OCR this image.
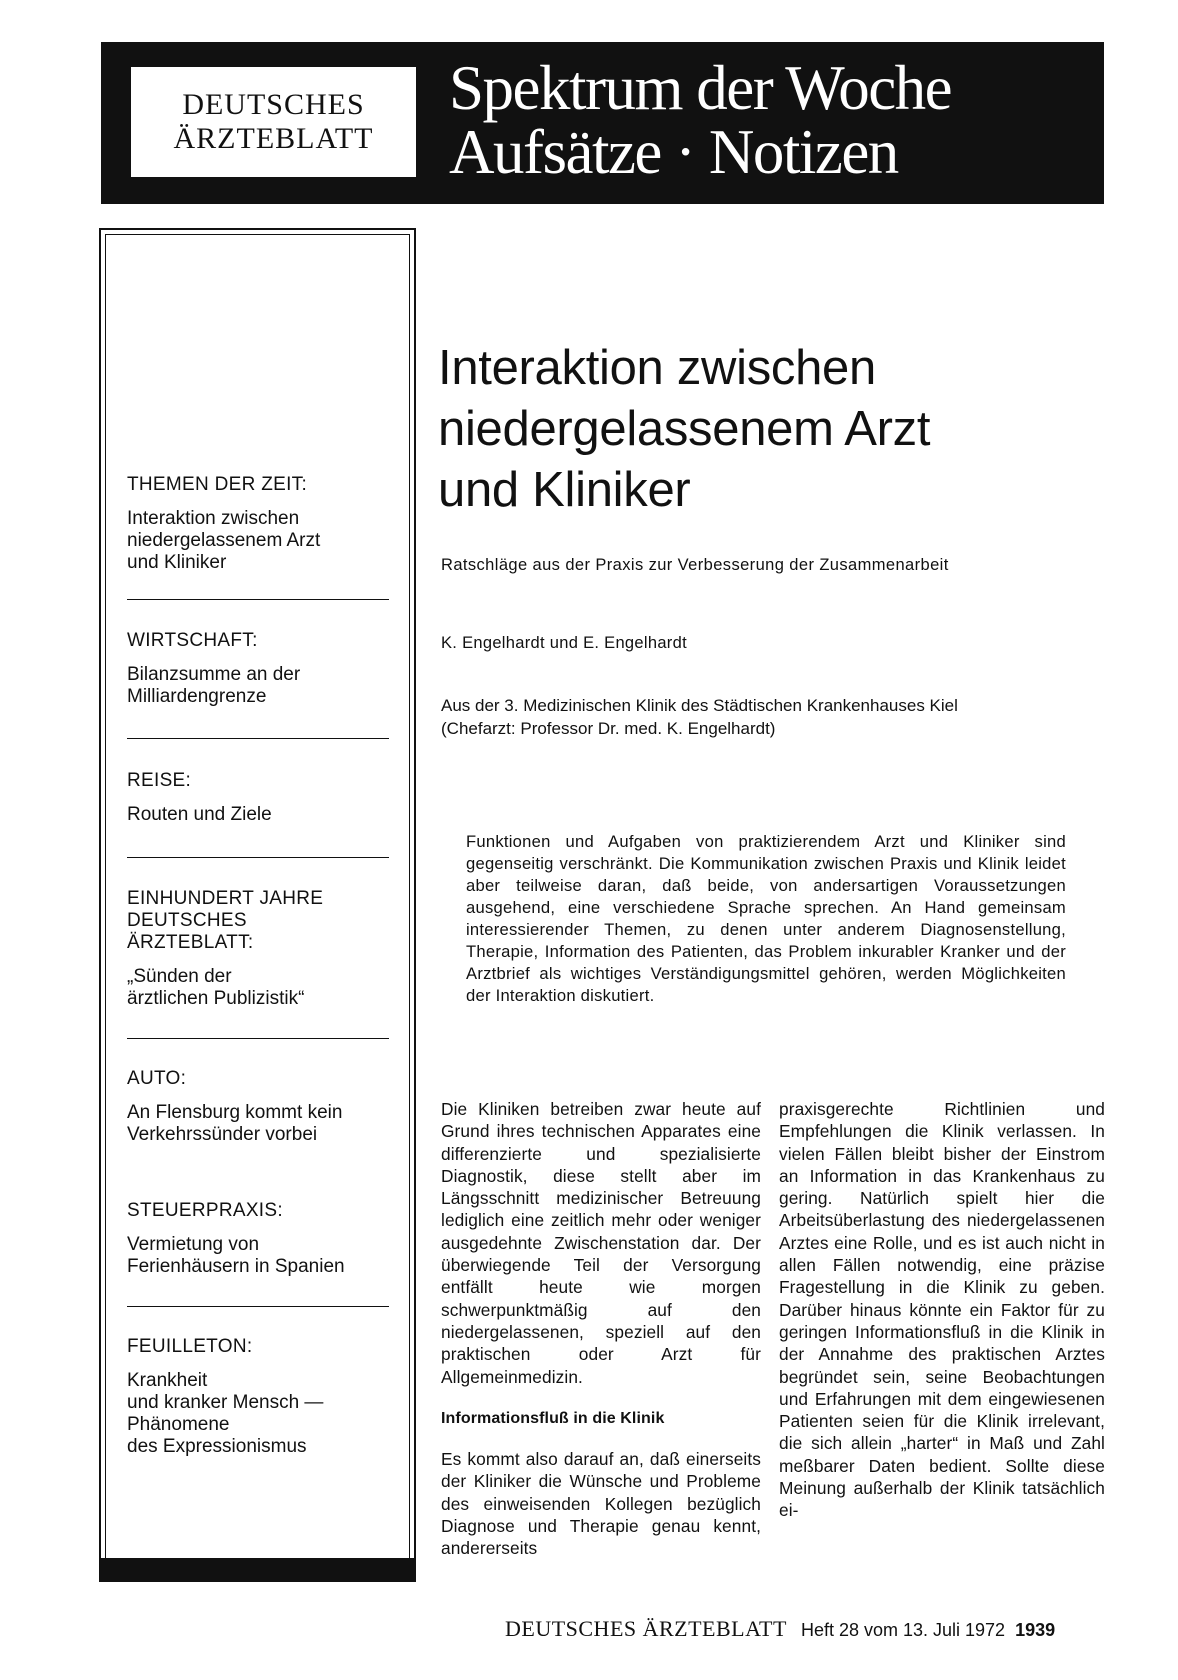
DEUTSCHES
ÄRZTEBLATT
Spektrum der Woche
Aufsätze · Notizen
THEMEN DER ZEIT:
Interaktion zwischen
niedergelassenem Arzt
und Kliniker
WIRTSCHAFT:
Bilanzsumme an der
Milliardengrenze
REISE:
Routen und Ziele
EINHUNDERT JAHRE
DEUTSCHES
ÄRZTEBLATT:
„Sünden der
ärztlichen Publizistik“
AUTO:
An Flensburg kommt kein
Verkehrssünder vorbei
STEUERPRAXIS:
Vermietung von
Ferienhäusern in Spanien
FEUILLETON:
Krankheit
und kranker Mensch —
Phänomene
des Expressionismus
Interaktion zwischen
niedergelassenem Arzt
und Kliniker
Ratschläge aus der Praxis zur Verbesserung der Zusammenarbeit
K. Engelhardt und E. Engelhardt
Aus der 3. Medizinischen Klinik des Städtischen Krankenhauses Kiel
(Chefarzt: Professor Dr. med. K. Engelhardt)
Funktionen und Aufgaben von praktizierendem Arzt und Kliniker sind gegenseitig verschränkt. Die Kommunikation zwischen Praxis und Klinik leidet aber teilweise daran, daß beide, von andersartigen Voraussetzungen ausgehend, eine verschiedene Sprache sprechen. An Hand gemeinsam interessierender Themen, zu denen unter anderem Diagnosenstellung, Therapie, Information des Patienten, das Problem inkurabler Kranker und der Arztbrief als wichtiges Verständigungsmittel gehören, werden Möglichkeiten der Interaktion diskutiert.

Die Kliniken betreiben zwar heute auf Grund ihres technischen Apparates eine differenzierte und spezialisierte Diagnostik, diese stellt aber im Längsschnitt medizinischer Betreuung lediglich eine zeitlich mehr oder weniger ausgedehnte Zwischenstation dar. Der überwiegende Teil der Versorgung entfällt heute wie morgen schwerpunktmäßig auf den niedergelassenen, speziell auf den praktischen oder Arzt für Allgemeinmedizin.

Informationsfluß in die Klinik

Es kommt also darauf an, daß einerseits der Kliniker die Wünsche und Probleme des einweisenden Kollegen bezüglich Diagnose und Therapie genau kennt, andererseits

praxisgerechte Richtlinien und Empfehlungen die Klinik verlassen. In vielen Fällen bleibt bisher der Einstrom an Information in das Krankenhaus zu gering. Natürlich spielt hier die Arbeitsüberlastung des niedergelassenen Arztes eine Rolle, und es ist auch nicht in allen Fällen notwendig, eine präzise Fragestellung in die Klinik zu geben. Darüber hinaus könnte ein Faktor für zu geringen Informationsfluß in die Klinik in der Annahme des praktischen Arztes begründet sein, seine Beobachtungen und Erfahrungen mit dem eingewiesenen Patienten seien für die Klinik irrelevant, die sich allein „harter“ in Maß und Zahl meßbarer Daten bedient. Sollte diese Meinung außerhalb der Klinik tatsächlich ei-

DEUTSCHES ÄRZTEBLATT Heft 28 vom 13. Juli 1972 1939
